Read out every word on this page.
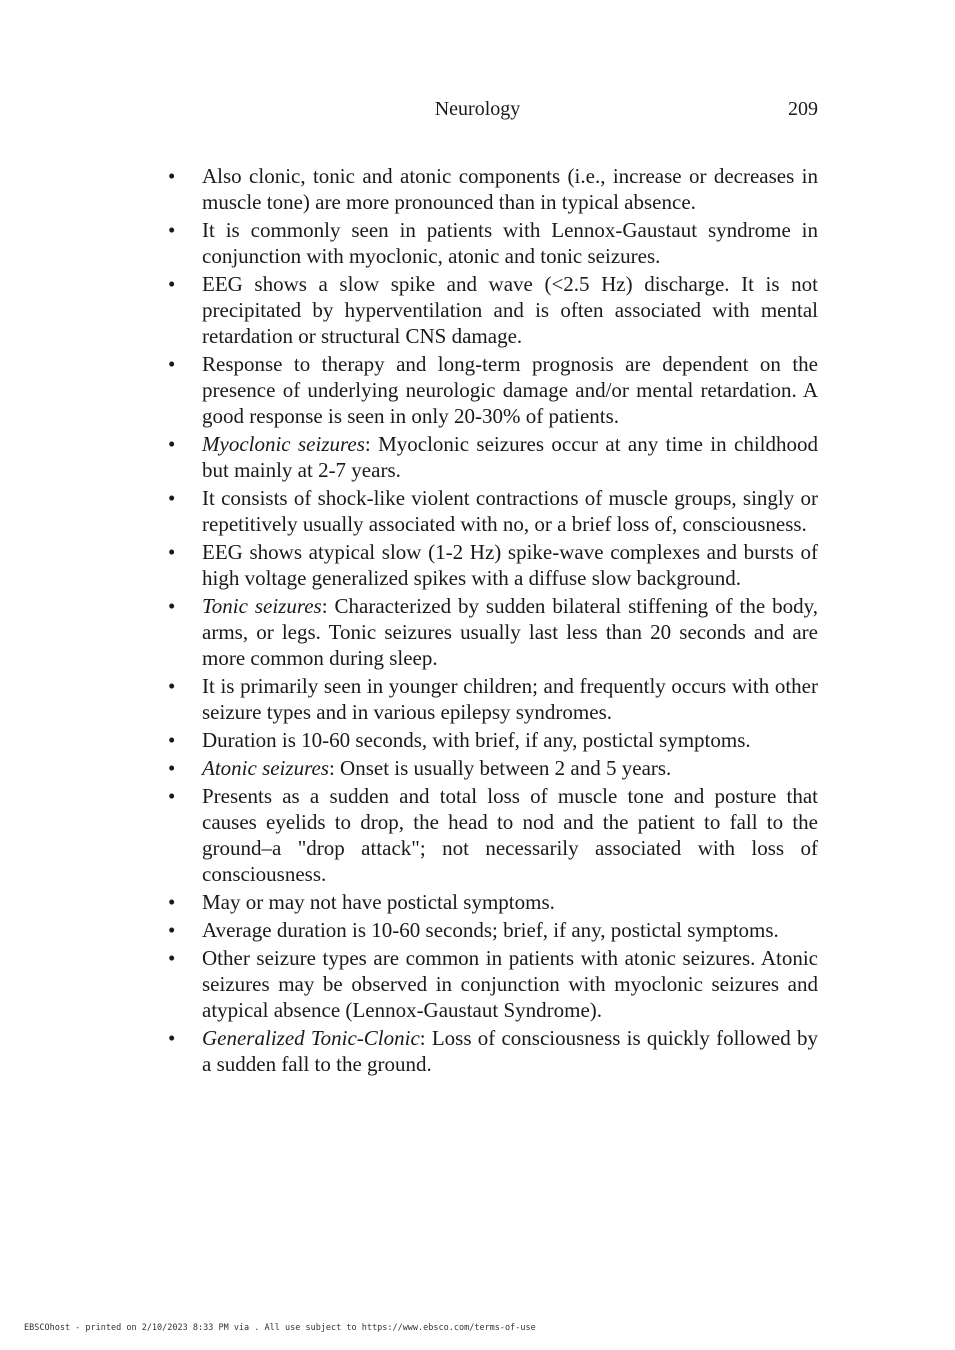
Neurology	209
• Also clonic, tonic and atonic components (i.e., increase or decreases in muscle tone) are more pronounced than in typical absence.
• It is commonly seen in patients with Lennox-Gaustaut syndrome in conjunction with myoclonic, atonic and tonic seizures.
• EEG shows a slow spike and wave (<2.5 Hz) discharge. It is not precipitated by hyperventilation and is often associated with mental retardation or structural CNS damage.
• Response to therapy and long-term prognosis are dependent on the presence of underlying neurologic damage and/or mental retardation. A good response is seen in only 20-30% of patients.
• Myoclonic seizures: Myoclonic seizures occur at any time in childhood but mainly at 2-7 years.
• It consists of shock-like violent contractions of muscle groups, singly or repetitively usually associated with no, or a brief loss of, consciousness.
• EEG shows atypical slow (1-2 Hz) spike-wave complexes and bursts of high voltage generalized spikes with a diffuse slow background.
• Tonic seizures: Characterized by sudden bilateral stiffening of the body, arms, or legs. Tonic seizures usually last less than 20 seconds and are more common during sleep.
• It is primarily seen in younger children; and frequently occurs with other seizure types and in various epilepsy syndromes.
• Duration is 10-60 seconds, with brief, if any, postictal symptoms.
• Atonic seizures: Onset is usually between 2 and 5 years.
• Presents as a sudden and total loss of muscle tone and posture that causes eyelids to drop, the head to nod and the patient to fall to the ground–a "drop attack"; not necessarily associated with loss of consciousness.
• May or may not have postictal symptoms.
• Average duration is 10-60 seconds; brief, if any, postictal symptoms.
• Other seizure types are common in patients with atonic seizures. Atonic seizures may be observed in conjunction with myoclonic seizures and atypical absence (Lennox-Gaustaut Syndrome).
• Generalized Tonic-Clonic: Loss of consciousness is quickly followed by a sudden fall to the ground.
EBSCOhost - printed on 2/10/2023 8:33 PM via . All use subject to https://www.ebsco.com/terms-of-use
